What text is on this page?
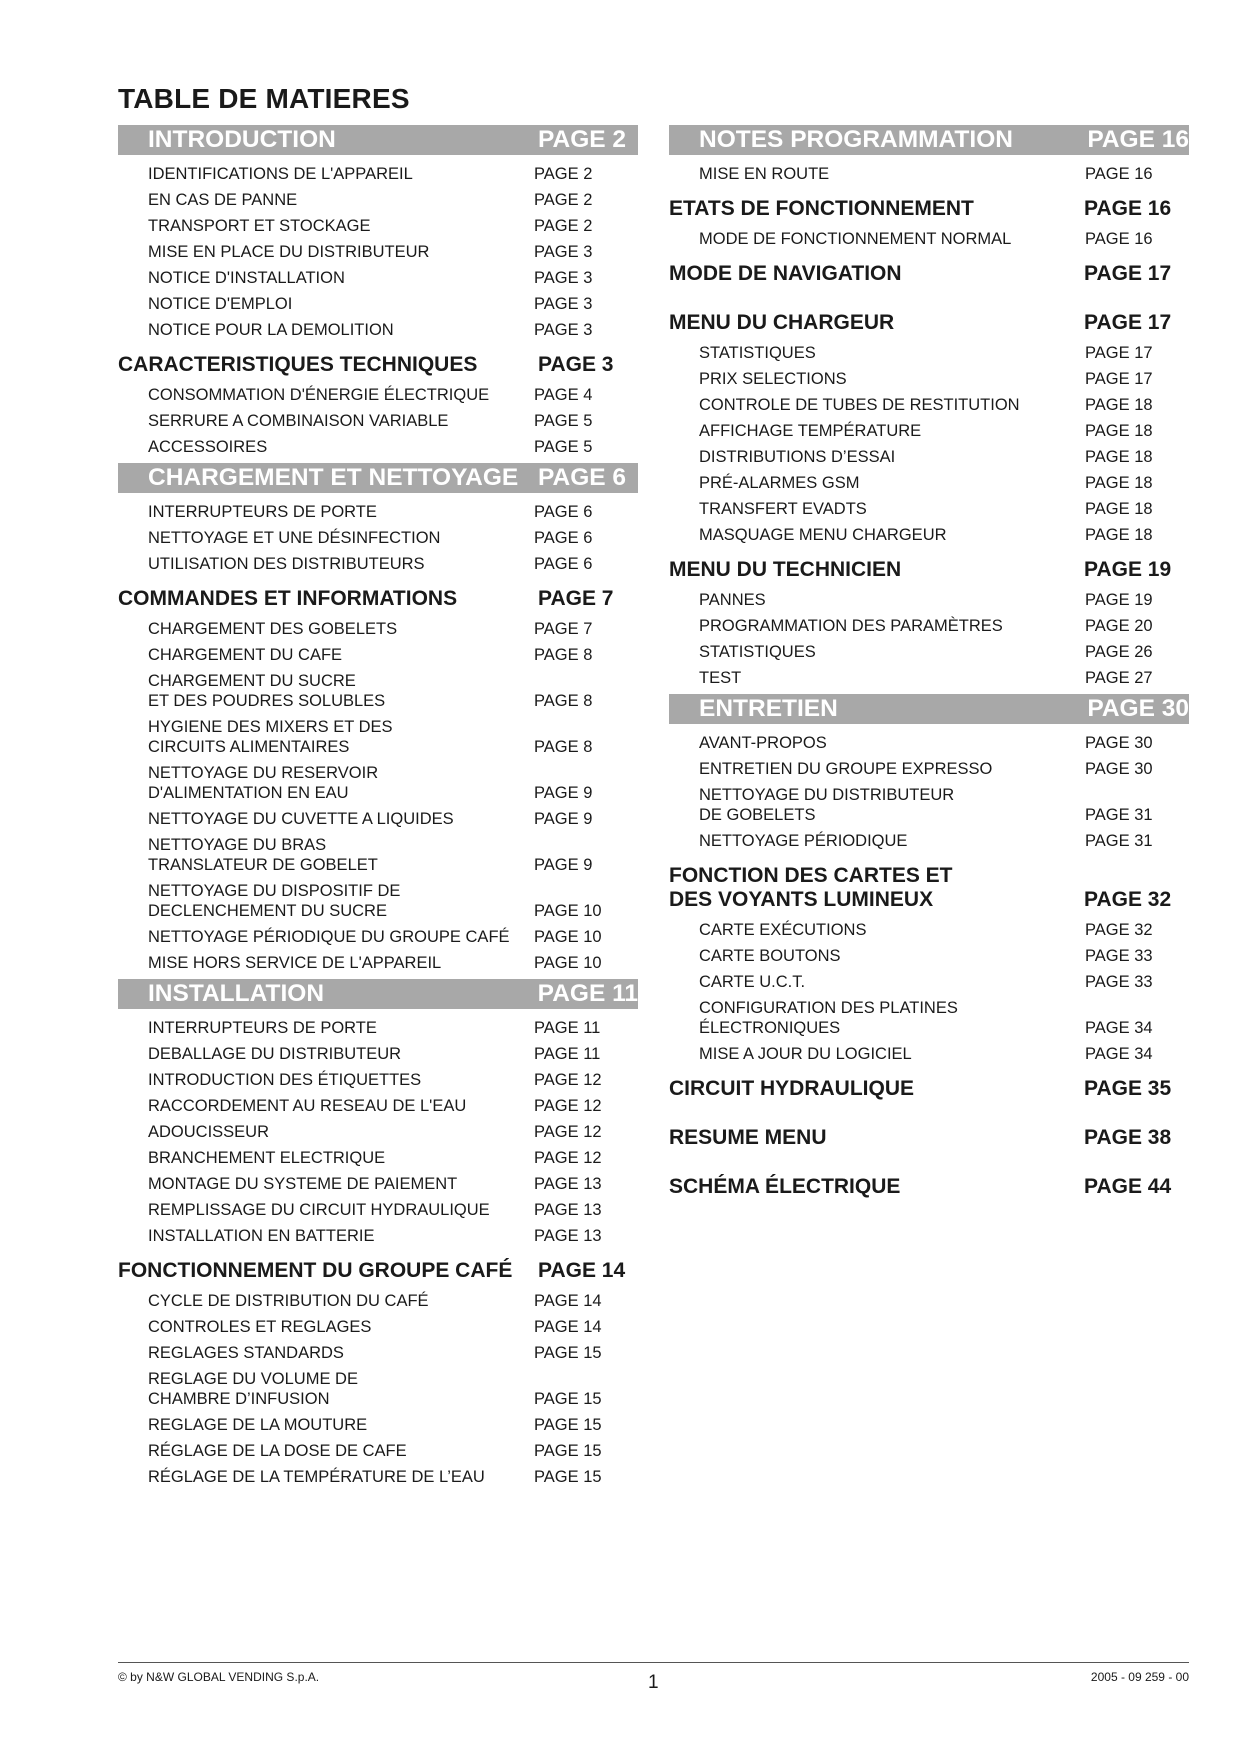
TABLE DE MATIERES
INTRODUCTION	PAGE 2
IDENTIFICATIONS DE L'APPAREIL	PAGE 2
EN CAS DE PANNE	PAGE 2
TRANSPORT ET STOCKAGE	PAGE 2
MISE EN PLACE DU DISTRIBUTEUR	PAGE 3
NOTICE D'INSTALLATION	PAGE 3
NOTICE D'EMPLOI	PAGE 3
NOTICE POUR LA DEMOLITION	PAGE 3
CARACTERISTIQUES TECHNIQUES	PAGE 3
CONSOMMATION D'ÉNERGIE ÉLECTRIQUE	PAGE 4
SERRURE A COMBINAISON VARIABLE	PAGE 5
ACCESSOIRES	PAGE 5
CHARGEMENT ET NETTOYAGE PAGE 6
INTERRUPTEURS DE PORTE	PAGE 6
NETTOYAGE ET UNE DÉSINFECTION	PAGE 6
UTILISATION DES DISTRIBUTEURS	PAGE 6
COMMANDES ET INFORMATIONS	PAGE 7
CHARGEMENT DES GOBELETS	PAGE 7
CHARGEMENT DU CAFE	PAGE 8
CHARGEMENT DU SUCRE
ET DES POUDRES SOLUBLES	PAGE 8
HYGIENE DES MIXERS ET DES
CIRCUITS ALIMENTAIRES	PAGE 8
NETTOYAGE DU RESERVOIR
D'ALIMENTATION EN EAU	PAGE 9
NETTOYAGE DU CUVETTE A LIQUIDES	PAGE 9
NETTOYAGE DU BRAS
TRANSLATEUR DE GOBELET	PAGE 9
NETTOYAGE DU DISPOSITIF DE
DECLENCHEMENT DU SUCRE	PAGE 10
NETTOYAGE PÉRIODIQUE DU GROUPE CAFÉ	PAGE 10
MISE HORS SERVICE DE L'APPAREIL	PAGE 10
INSTALLATION	PAGE 11
INTERRUPTEURS DE PORTE	PAGE 11
DEBALLAGE DU DISTRIBUTEUR	PAGE 11
INTRODUCTION DES ÉTIQUETTES	PAGE 12
RACCORDEMENT AU RESEAU DE L'EAU	PAGE 12
ADOUCISSEUR	PAGE 12
BRANCHEMENT ELECTRIQUE	PAGE 12
MONTAGE DU SYSTEME DE PAIEMENT	PAGE 13
REMPLISSAGE DU CIRCUIT HYDRAULIQUE	PAGE 13
INSTALLATION EN BATTERIE	PAGE 13
FONCTIONNEMENT DU GROUPE CAFÉ	PAGE 14
CYCLE DE DISTRIBUTION DU CAFÉ	PAGE 14
CONTROLES ET REGLAGES	PAGE 14
REGLAGES STANDARDS	PAGE 15
REGLAGE DU VOLUME DE
CHAMBRE D’INFUSION	PAGE 15
REGLAGE DE LA MOUTURE	PAGE 15
RÉGLAGE DE LA DOSE DE CAFE	PAGE 15
RÉGLAGE DE LA TEMPÉRATURE DE L’EAU	PAGE 15
NOTES PROGRAMMATION	PAGE 16
MISE EN ROUTE	PAGE 16
ETATS DE FONCTIONNEMENT	PAGE 16
MODE DE FONCTIONNEMENT NORMAL	PAGE 16
MODE DE NAVIGATION	PAGE 17
MENU DU CHARGEUR	PAGE 17
STATISTIQUES	PAGE 17
PRIX SELECTIONS	PAGE 17
CONTROLE DE TUBES DE RESTITUTION	PAGE 18
AFFICHAGE TEMPÉRATURE	PAGE 18
DISTRIBUTIONS D’ESSAI	PAGE 18
PRÉ-ALARMES GSM	PAGE 18
TRANSFERT EVADTS	PAGE 18
MASQUAGE MENU CHARGEUR	PAGE 18
MENU DU TECHNICIEN	PAGE 19
PANNES	PAGE 19
PROGRAMMATION DES PARAMÈTRES	PAGE 20
STATISTIQUES	PAGE 26
TEST	PAGE 27
ENTRETIEN	PAGE 30
AVANT-PROPOS	PAGE 30
ENTRETIEN DU GROUPE EXPRESSO	PAGE 30
NETTOYAGE DU DISTRIBUTEUR
DE GOBELETS	PAGE 31
NETTOYAGE PÉRIODIQUE	PAGE 31
FONCTION DES CARTES ET
DES VOYANTS LUMINEUX	PAGE 32
CARTE EXÉCUTIONS	PAGE 32
CARTE BOUTONS	PAGE 33
CARTE U.C.T.	PAGE 33
CONFIGURATION DES PLATINES
ÉLECTRONIQUES	PAGE 34
MISE A JOUR DU LOGICIEL	PAGE 34
CIRCUIT HYDRAULIQUE	PAGE 35
RESUME MENU	PAGE 38
SCHÉMA ÉLECTRIQUE	PAGE 44
© by N&W GLOBAL VENDING S.p.A.	1	2005 - 09 259 - 00
